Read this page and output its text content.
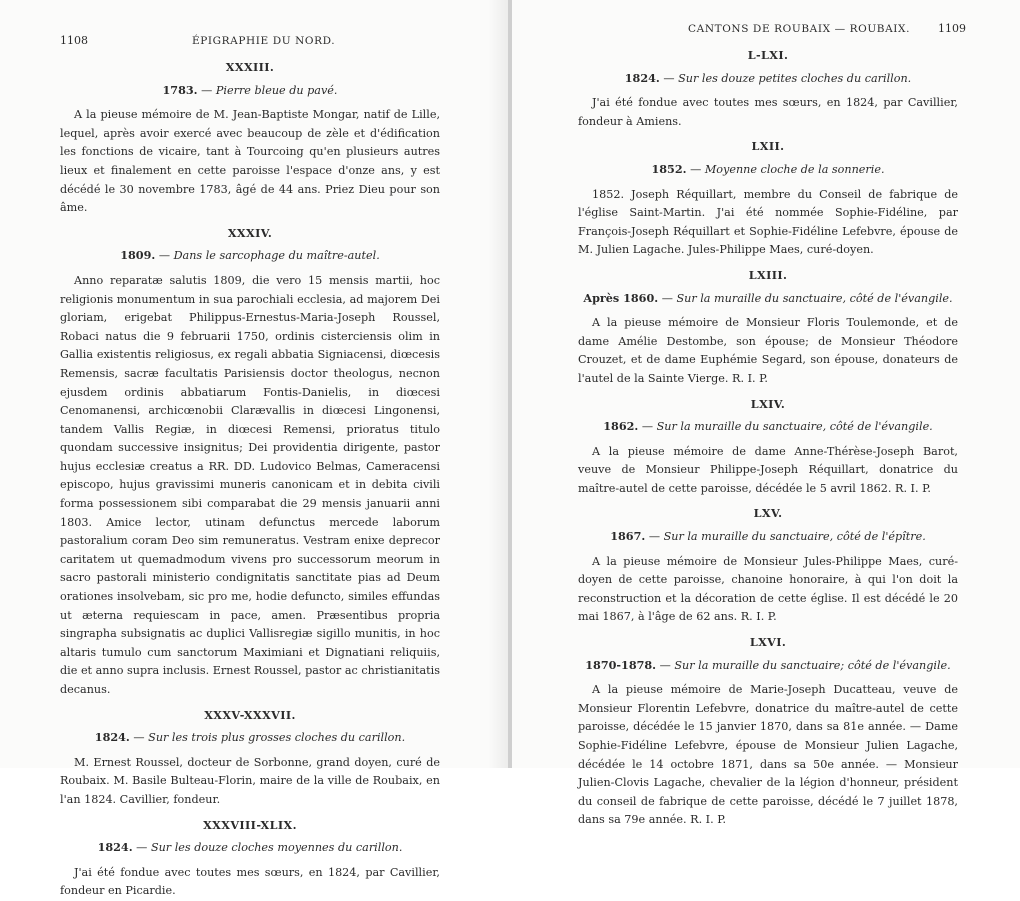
1108	ÉPIGRAPHIE DU NORD.
XXXIII.
1783. — Pierre bleue du pavé.

A la pieuse mémoire de M. Jean-Baptiste Mongar, natif de Lille, lequel, après avoir exercé avec beaucoup de zèle et d'édification les fonctions de vicaire, tant à Tourcoing qu'en plusieurs autres lieux et finalement en cette paroisse l'espace d'onze ans, y est décédé le 30 novembre 1783, âgé de 44 ans. Priez Dieu pour son âme.

XXXIV.
1809. — Dans le sarcophage du maître-autel.

Anno reparatæ salutis 1809, die vero 15 mensis martii, hoc religionis monumentum in sua parochiali ecclesia, ad majorem Dei gloriam, erigebat Philippus-Ernestus-Maria-Joseph Roussel, Robaci natus die 9 februarii 1750, ordinis cisterciensis olim in Gallia existentis religiosus, ex regali abbatia Signiacensi, diœcesis Remensis, sacræ facultatis Parisiensis doctor theologus, necnon ejusdem ordinis abbatiarum Fontis-Danielis, in diœcesi Cenomanensi, archicœnobii Clarævallis in diœcesi Lingonensi, tandem Vallis Regiæ, in diœcesi Remensi, prioratus titulo quondam successive insignitus; Dei providentia dirigente, pastor hujus ecclesiæ creatus a RR. DD. Ludovico Belmas, Cameracensi episcopo, hujus gravissimi muneris canonicam et in debita civili forma possessionem sibi comparabat die 29 mensis januarii anni 1803. Amice lector, utinam defunctus mercede laborum pastoralium coram Deo sim remuneratus. Vestram enixe deprecor caritatem ut quemadmodum vivens pro successorum meorum in sacro pastorali ministerio condignitatis sanctitate pias ad Deum orationes insolvebam, sic pro me, hodie defuncto, similes effundas ut æterna requiescam in pace, amen. Præsentibus propria singrapha subsignatis ac duplici Vallisregiæ sigillo munitis, in hoc altaris tumulo cum sanctorum Maximiani et Dignatiani reliquiis, die et anno supra inclusis. Ernest Roussel, pastor ac christianitatis decanus.

XXXV-XXXVII.
1824. — Sur les trois plus grosses cloches du carillon.

M. Ernest Roussel, docteur de Sorbonne, grand doyen, curé de Roubaix. M. Basile Bulteau-Florin, maire de la ville de Roubaix, en l'an 1824. Cavillier, fondeur.

XXXVIII-XLIX.
1824. — Sur les douze cloches moyennes du carillon.

J'ai été fondue avec toutes mes sœurs, en 1824, par Cavillier, fondeur en Picardie.

CANTONS DE ROUBAIX — ROUBAIX.	1109
L-LXI.
1824. — Sur les douze petites cloches du carillon.

J'ai été fondue avec toutes mes sœurs, en 1824, par Cavillier, fondeur à Amiens.

LXII.
1852. — Moyenne cloche de la sonnerie.

1852. Joseph Réquillart, membre du Conseil de fabrique de l'église Saint-Martin. J'ai été nommée Sophie-Fidéline, par François-Joseph Réquillart et Sophie-Fidéline Lefebvre, épouse de M. Julien Lagache. Jules-Philippe Maes, curé-doyen.

LXIII.
Après 1860. — Sur la muraille du sanctuaire, côté de l'évangile.

A la pieuse mémoire de Monsieur Floris Toulemonde, et de dame Amélie Destombe, son épouse; de Monsieur Théodore Crouzet, et de dame Euphémie Segard, son épouse, donateurs de l'autel de la Sainte Vierge. R. I. P.

LXIV.
1862. — Sur la muraille du sanctuaire, côté de l'évangile.

A la pieuse mémoire de dame Anne-Thérèse-Joseph Barot, veuve de Monsieur Philippe-Joseph Réquillart, donatrice du maître-autel de cette paroisse, décédée le 5 avril 1862. R. I. P.

LXV.
1867. — Sur la muraille du sanctuaire, côté de l'épître.

A la pieuse mémoire de Monsieur Jules-Philippe Maes, curé-doyen de cette paroisse, chanoine honoraire, à qui l'on doit la reconstruction et la décoration de cette église. Il est décédé le 20 mai 1867, à l'âge de 62 ans. R. I. P.

LXVI.
1870-1878. — Sur la muraille du sanctuaire; côté de l'évangile.

A la pieuse mémoire de Marie-Joseph Ducatteau, veuve de Monsieur Florentin Lefebvre, donatrice du maître-autel de cette paroisse, décédée le 15 janvier 1870, dans sa 81e année. — Dame Sophie-Fidéline Lefebvre, épouse de Monsieur Julien Lagache, décédée le 14 octobre 1871, dans sa 50e année. — Monsieur Julien-Clovis Lagache, chevalier de la légion d'honneur, président du conseil de fabrique de cette paroisse, décédé le 7 juillet 1878, dans sa 79e année. R. I. P.
